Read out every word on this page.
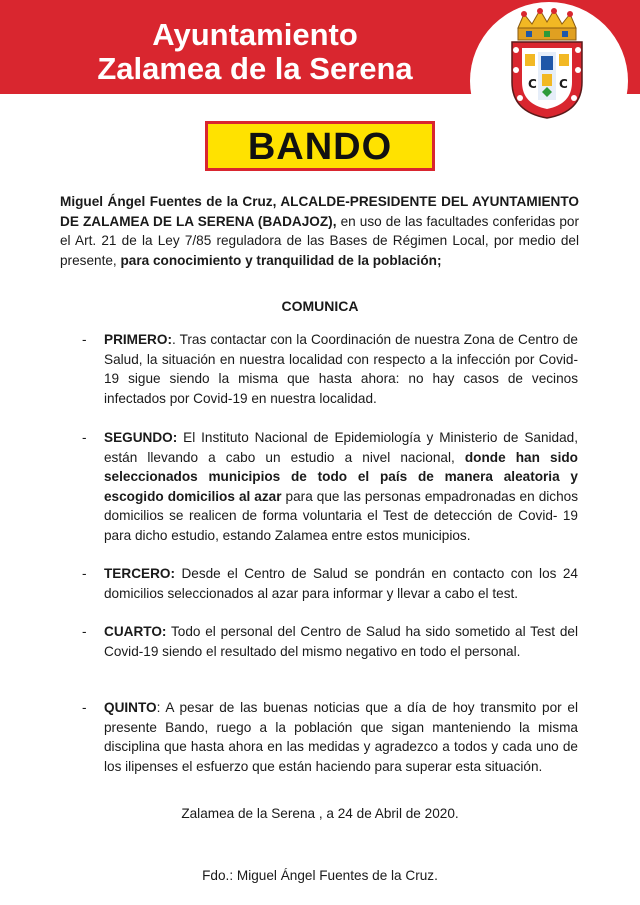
Ayuntamiento
Zalamea de la Serena	C C
BANDO
Miguel Ángel Fuentes de la Cruz, ALCALDE-PRESIDENTE DEL AYUNTAMIENTO DE ZALAMEA DE LA SERENA (BADAJOZ), en uso de las facultades conferidas por el Art. 21 de la Ley 7/85 reguladora de las Bases de Régimen Local, por medio del presente, para conocimiento y tranquilidad de la población;
COMUNICA
- PRIMERO:. Tras contactar con la Coordinación de nuestra Zona de Centro de Salud, la situación en nuestra localidad con respecto a la infección por Covid-19 sigue siendo la misma que hasta ahora: no hay casos de vecinos infectados por Covid-19 en nuestra localidad.
- SEGUNDO: El Instituto Nacional de Epidemiología y Ministerio de Sanidad, están llevando a cabo un estudio a nivel nacional, donde han sido seleccionados municipios de todo el país de manera aleatoria y escogido domicilios al azar para que las personas empadronadas en dichos domicilios se realicen de forma voluntaria el Test de detección de Covid- 19 para dicho estudio, estando Zalamea entre estos municipios.
- TERCERO: Desde el Centro de Salud se pondrán en contacto con los 24 domicilios seleccionados al azar para informar y llevar a cabo el test.
- CUARTO: Todo el personal del Centro de Salud ha sido sometido al Test del Covid-19 siendo el resultado del mismo negativo en todo el personal.
- QUINTO: A pesar de las buenas noticias que a día de hoy transmito por el presente Bando, ruego a la población que sigan manteniendo la misma disciplina que hasta ahora en las medidas y agradezco a todos y cada uno de los ilipenses el esfuerzo que están haciendo para superar esta situación.
Zalamea de la Serena , a 24 de Abril de 2020.
Fdo.: Miguel Ángel Fuentes de la Cruz.
